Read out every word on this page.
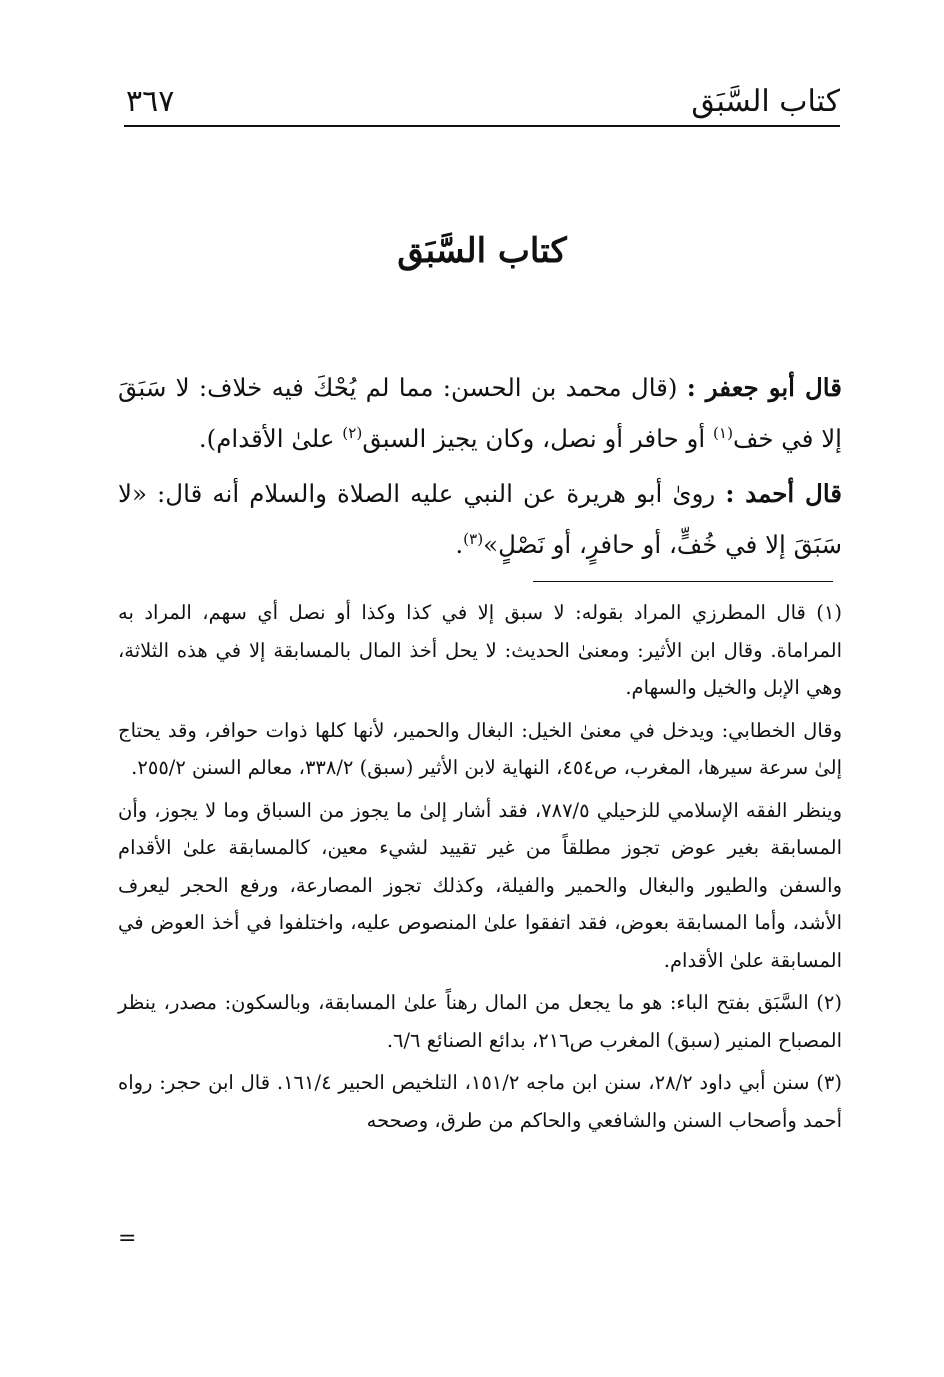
كتاب السَّبَق

٣٦٧

كتاب السَّبَق

قال أبو جعفر : (قال محمد بن الحسن: مما لم يُحْكَ فيه خلاف: لا سَبَقَ إلا في خف$^{(١)}$ أو حافر أو نصل، وكان يجيز السبق$^{(٢)}$ علىٰ الأقدام).

قال أحمد : رویٰ أبو هريرة عن النبي عليه الصلاة والسلام أنه قال: «لا سَبَقَ إلا في خُفٍّ، أو حافرٍ، أو نَصْلٍ»$^{(٣)}$.

(١) قال المطرزي المراد بقوله: لا سبق إلا في كذا وكذا أو نصل أي سهم، المراد به المراماة. وقال ابن الأثير: ومعنىٰ الحديث: لا يحل أخذ المال بالمسابقة إلا في هذه الثلاثة، وهي الإبل والخيل والسهام.

وقال الخطابي: ويدخل في معنىٰ الخيل: البغال والحمير، لأنها كلها ذوات حوافر، وقد يحتاج إلىٰ سرعة سيرها، المغرب، ص٤٥٤، النهاية لابن الأثير (سبق) ٣٣٨/٢، معالم السنن ٢٥٥/٢.

وينظر الفقه الإسلامي للزحيلي ٧٨٧/٥، فقد أشار إلىٰ ما يجوز من السباق وما لا يجوز، وأن المسابقة بغير عوض تجوز مطلقاً من غير تقييد لشيء معين، كالمسابقة علىٰ الأقدام والسفن والطيور والبغال والحمير والفيلة، وكذلك تجوز المصارعة، ورفع الحجر ليعرف الأشد، وأما المسابقة بعوض، فقد اتفقوا علىٰ المنصوص عليه، واختلفوا في أخذ العوض في المسابقة علىٰ الأقدام.

(٢) السَّبَق بفتح الباء: هو ما يجعل من المال رهناً علىٰ المسابقة، وبالسكون: مصدر، ينظر المصباح المنير (سبق) المغرب ص٢١٦، بدائع الصنائع ٦/٦.

(٣) سنن أبي داود ٢٨/٢، سنن ابن ماجه ١٥١/٢، التلخيص الحبير ١٦١/٤. قال ابن حجر: رواه أحمد وأصحاب السنن والشافعي والحاكم من طرق، وصححه

=
